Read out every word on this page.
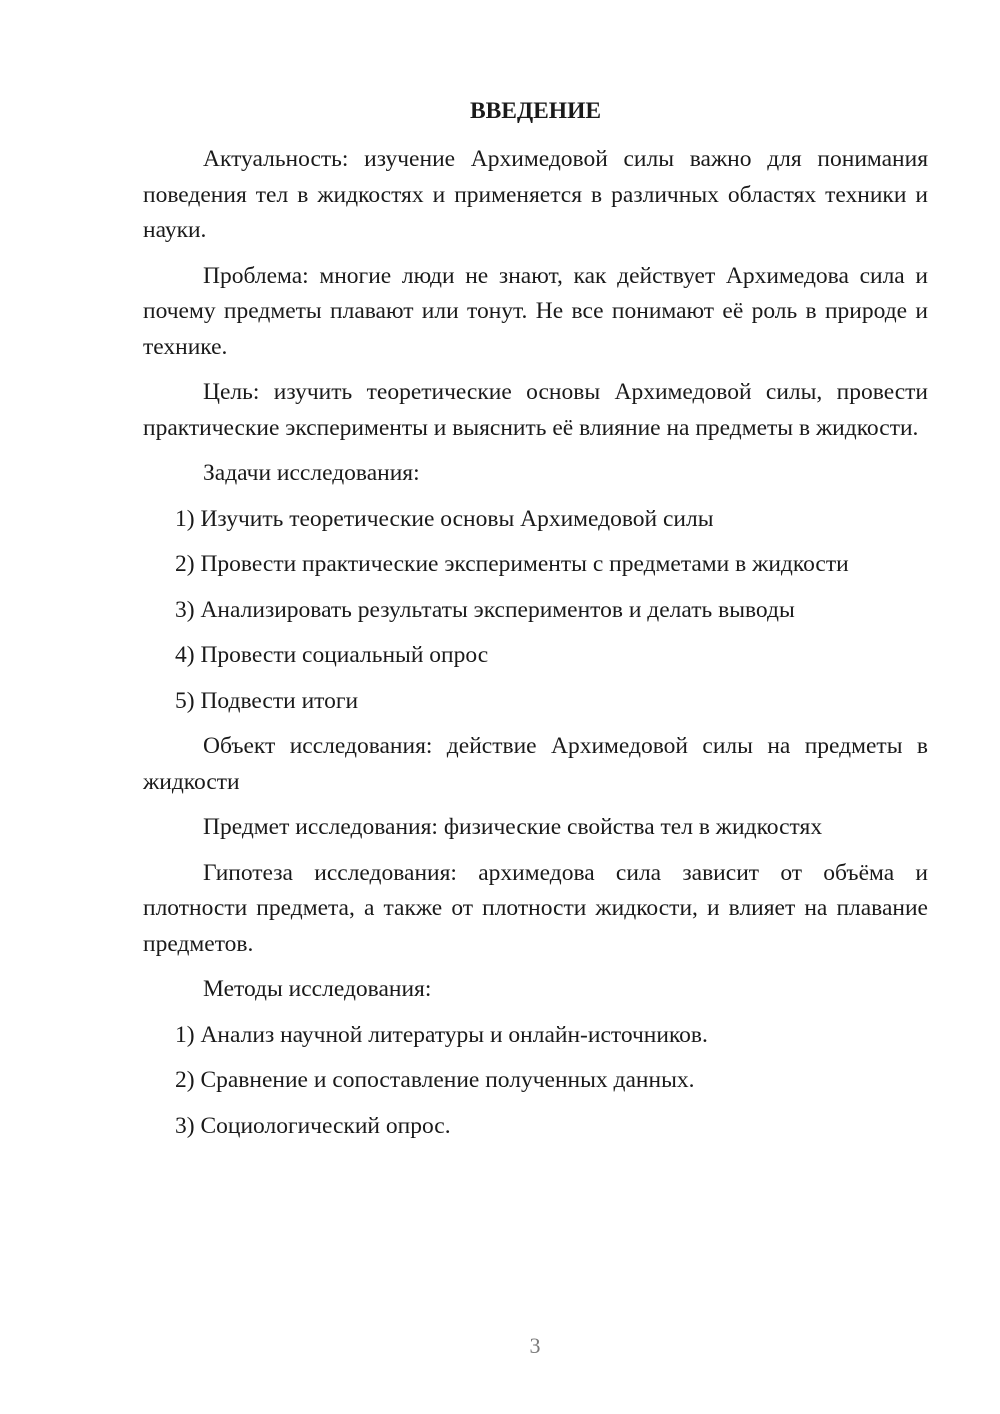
ВВЕДЕНИЕ

Актуальность: изучение Архимедовой силы важно для понимания поведения тел в жидкостях и применяется в различных областях техники и науки.

Проблема: многие люди не знают, как действует Архимедова сила и почему предметы плавают или тонут. Не все понимают её роль в природе и технике.

Цель: изучить теоретические основы Архимедовой силы, провести практические эксперименты и выяснить её влияние на предметы в жидкости.

Задачи исследования:

1) Изучить теоретические основы Архимедовой силы
2) Провести практические эксперименты с предметами в жидкости
3) Анализировать результаты экспериментов и делать выводы
4) Провести социальный опрос
5) Подвести итоги

Объект исследования: действие Архимедовой силы на предметы в жидкости

Предмет исследования: физические свойства тел в жидкостях

Гипотеза исследования: архимедова сила зависит от объёма и плотности предмета, а также от плотности жидкости, и влияет на плавание предметов.

Методы исследования:

1) Анализ научной литературы и онлайн-источников.
2) Сравнение и сопоставление полученных данных.
3) Социологический опрос.
3
